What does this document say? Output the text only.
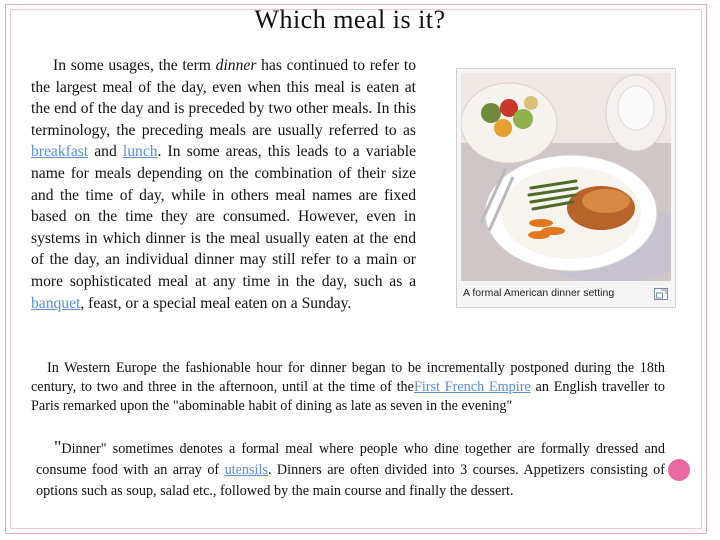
Which meal is it?
In some usages, the term dinner has continued to refer to the largest meal of the day, even when this meal is eaten at the end of the day and is preceded by two other meals. In this terminology, the preceding meals are usually referred to as breakfast and lunch. In some areas, this leads to a variable name for meals depending on the combination of their size and the time of day, while in others meal names are fixed based on the time they are consumed. However, even in systems in which dinner is the meal usually eaten at the end of the day, an individual dinner may still refer to a main or more sophisticated meal at any time in the day, such as a banquet, feast, or a special meal eaten on a Sunday.
A formal American dinner setting
In Western Europe the fashionable hour for dinner began to be incrementally postponed during the 18th century, to two and three in the afternoon, until at the time of theFirst French Empire an English traveller to Paris remarked upon the "abominable habit of dining as late as seven in the evening"
"Dinner" sometimes denotes a formal meal where people who dine together are formally dressed and consume food with an array of utensils. Dinners are often divided into 3 courses. Appetizers consisting of options such as soup, salad etc., followed by the main course and finally the dessert.
